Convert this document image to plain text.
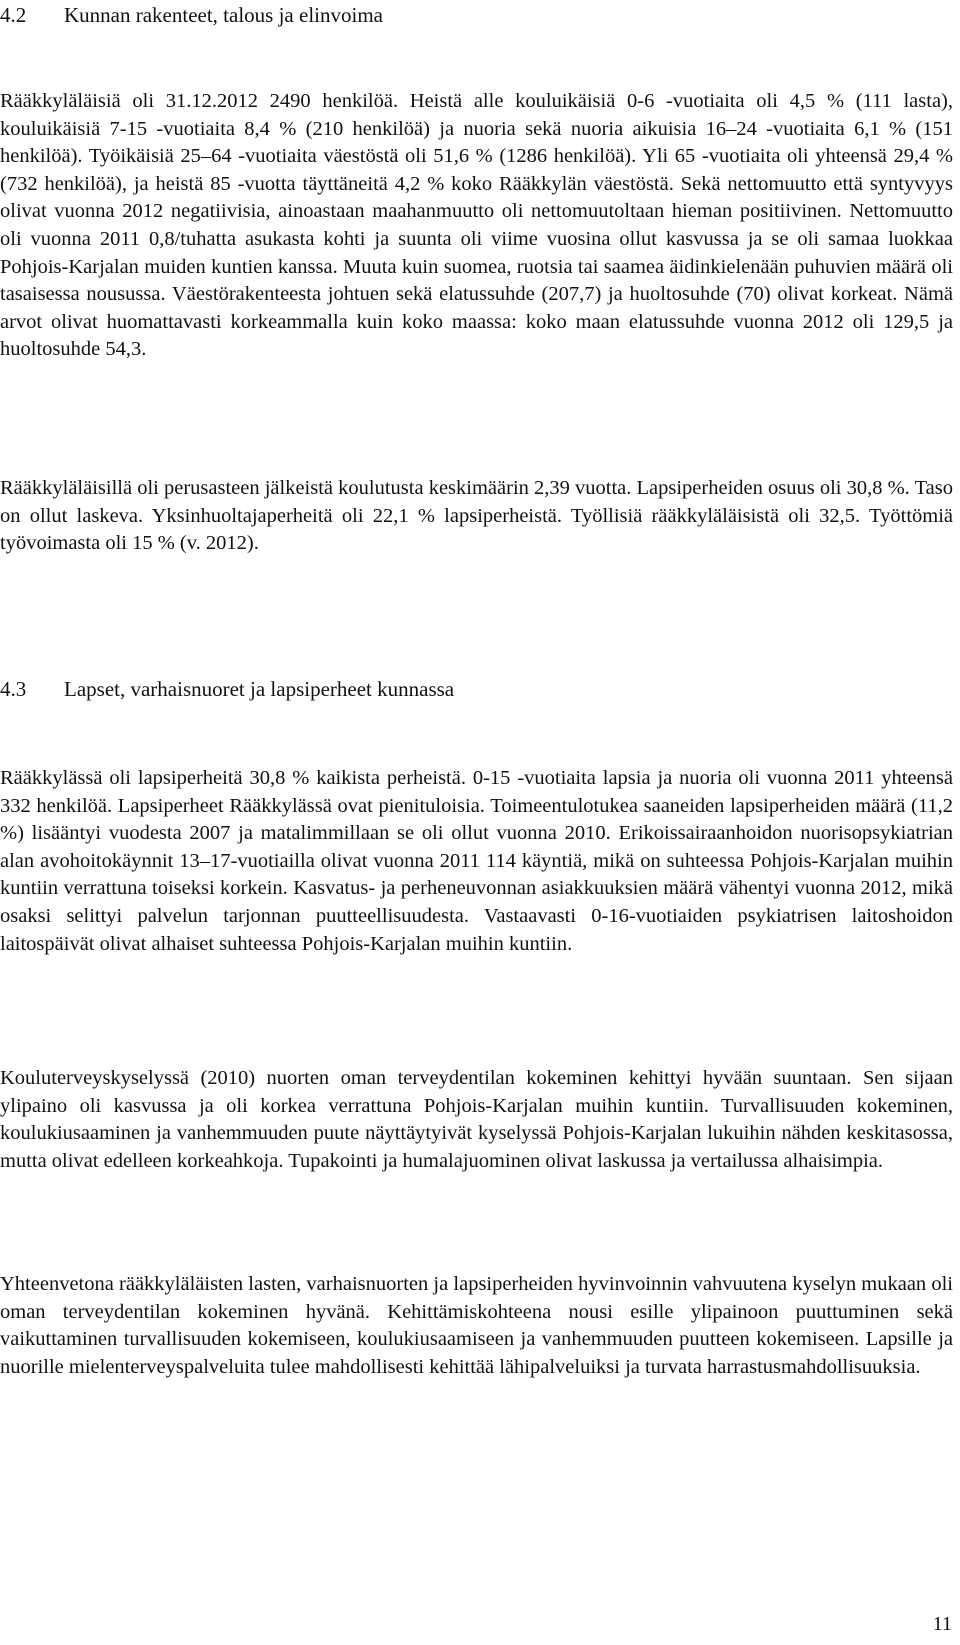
4.2 Kunnan rakenteet, talous ja elinvoima

Rääkkyläläisiä oli 31.12.2012 2490 henkilöä. Heistä alle kouluikäisiä 0-6 -vuotiaita oli 4,5 % (111 lasta), kouluikäisiä 7-15 -vuotiaita 8,4 % (210 henkilöä) ja nuoria sekä nuoria aikuisia 16–24 -vuotiaita 6,1 % (151 henkilöä). Työikäisiä 25–64 -vuotiaita väestöstä oli 51,6 % (1286 henkilöä). Yli 65 -vuotiaita oli yhteensä 29,4 % (732 henkilöä), ja heistä 85 -vuotta täyttäneitä 4,2 % koko Rääkkylän väestöstä. Sekä nettomuutto että syntyvyys olivat vuonna 2012 negatiivisia, ainoastaan maahanmuutto oli nettomuutoltaan hieman positiivinen. Nettomuutto oli vuonna 2011 0,8/tuhatta asukasta kohti ja suunta oli viime vuosina ollut kasvussa ja se oli samaa luokkaa Pohjois-Karjalan muiden kuntien kanssa. Muuta kuin suomea, ruotsia tai saamea äidinkielenään puhuvien määrä oli tasaisessa nousussa. Väestörakenteesta johtuen sekä elatussuhde (207,7) ja huoltosuhde (70) olivat korkeat. Nämä arvot olivat huomattavasti korkeammalla kuin koko maassa: koko maan elatussuhde vuonna 2012 oli 129,5 ja huoltosuhde 54,3.

Rääkkyläläisillä oli perusasteen jälkeistä koulutusta keskimäärin 2,39 vuotta. Lapsiperheiden osuus oli 30,8 %. Taso on ollut laskeva. Yksinhuoltajaperheitä oli 22,1 % lapsiperheistä. Työllisiä rääkkyläläisistä oli 32,5. Työttömiä työvoimasta oli 15 % (v. 2012).

4.3 Lapset, varhaisnuoret ja lapsiperheet kunnassa

Rääkkylässä oli lapsiperheitä 30,8 % kaikista perheistä. 0-15 -vuotiaita lapsia ja nuoria oli vuonna 2011 yhteensä 332 henkilöä. Lapsiperheet Rääkkylässä ovat pienituloisia. Toimeentulotukea saaneiden lapsiperheiden määrä (11,2 %) lisääntyi vuodesta 2007 ja matalimmillaan se oli ollut vuonna 2010. Erikoissairaanhoidon nuorisopsykiatrian alan avohoitokäynnit 13–17-vuotiailla olivat vuonna 2011 114 käyntiä, mikä on suhteessa Pohjois-Karjalan muihin kuntiin verrattuna toiseksi korkein. Kasvatus- ja perheneuvonnan asiakkuuksien määrä vähentyi vuonna 2012, mikä osaksi selittyi palvelun tarjonnan puutteellisuudesta. Vastaavasti 0-16-vuotiaiden psykiatrisen laitoshoidon laitospäivät olivat alhaiset suhteessa Pohjois-Karjalan muihin kuntiin.

Kouluterveyskyselyssä (2010) nuorten oman terveydentilan kokeminen kehittyi hyvään suuntaan. Sen sijaan ylipaino oli kasvussa ja oli korkea verrattuna Pohjois-Karjalan muihin kuntiin. Turvallisuuden kokeminen, koulukiusaaminen ja vanhemmuuden puute näyttäytyivät kyselyssä Pohjois-Karjalan lukuihin nähden keskitasossa, mutta olivat edelleen korkeahkoja. Tupakointi ja humalajuominen olivat laskussa ja vertailussa alhaisimpia.

Yhteenvetona rääkkyläläisten lasten, varhaisnuorten ja lapsiperheiden hyvinvoinnin vahvuutena kyselyn mukaan oli oman terveydentilan kokeminen hyvänä. Kehittämiskohteena nousi esille ylipainoon puuttuminen sekä vaikuttaminen turvallisuuden kokemiseen, koulukiusaamiseen ja vanhemmuuden puutteen kokemiseen. Lapsille ja nuorille mielenterveyspalveluita tulee mahdollisesti kehittää lähipalveluiksi ja turvata harrastusmahdollisuuksia.

11
